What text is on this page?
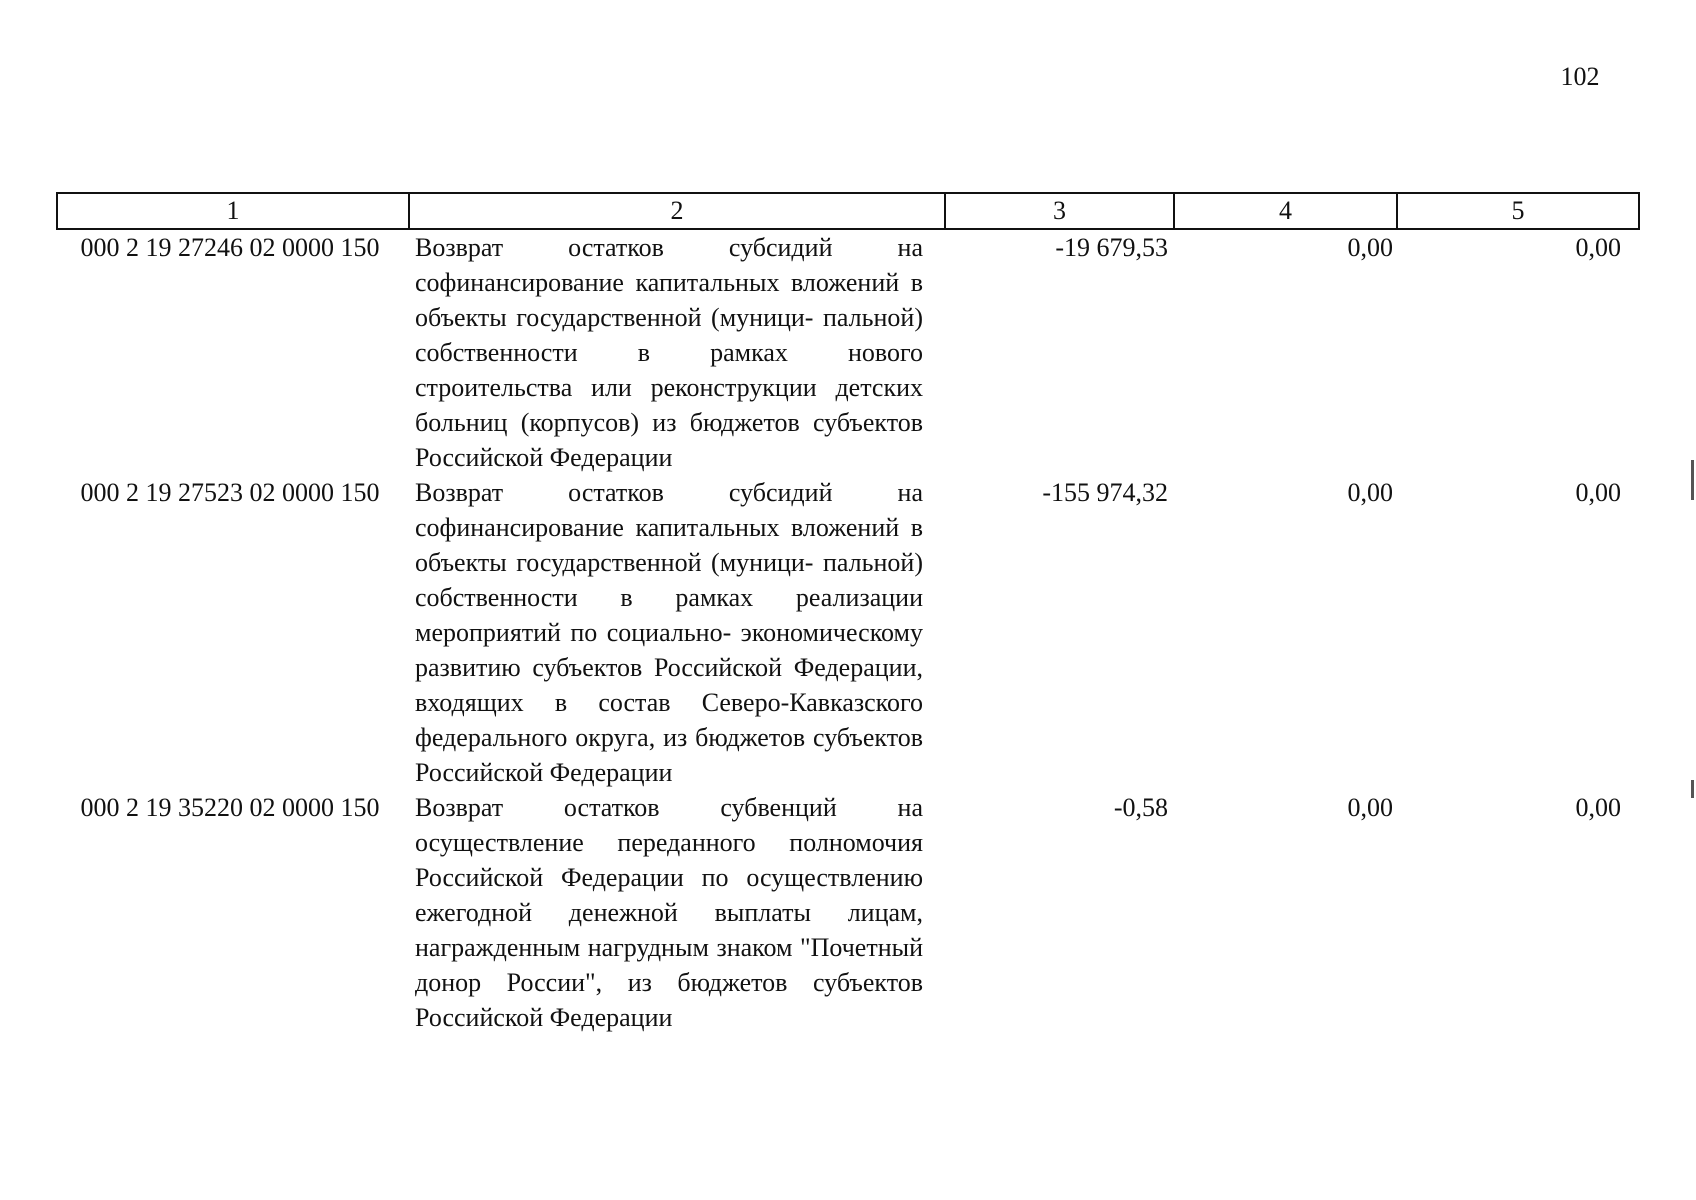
102
1	2	3	4	5
000 2 19 27246 02 0000 150	Возврат остатков субсидий на софинансирование капитальных вложений в объекты государственной (муници- пальной) собственности в рамках нового строительства или реконструкции детских больниц (корпусов) из бюджетов субъектов Российской Федерации	-19 679,53	0,00	0,00
000 2 19 27523 02 0000 150	Возврат остатков субсидий на софинансирование капитальных вложений в объекты государственной (муници- пальной) собственности в рамках реализации мероприятий по социально- экономическому развитию субъектов Российской Федерации, входящих в состав Северо-Кавказского федерального округа, из бюджетов субъектов Российской Федерации	-155 974,32	0,00	0,00
000 2 19 35220 02 0000 150	Возврат остатков субвенций на осуществление переданного полномочия Российской Федерации по осуществлению ежегодной денежной выплаты лицам, награжденным нагрудным знаком "Почетный донор России", из бюджетов субъектов Российской Федерации	-0,58	0,00	0,00
